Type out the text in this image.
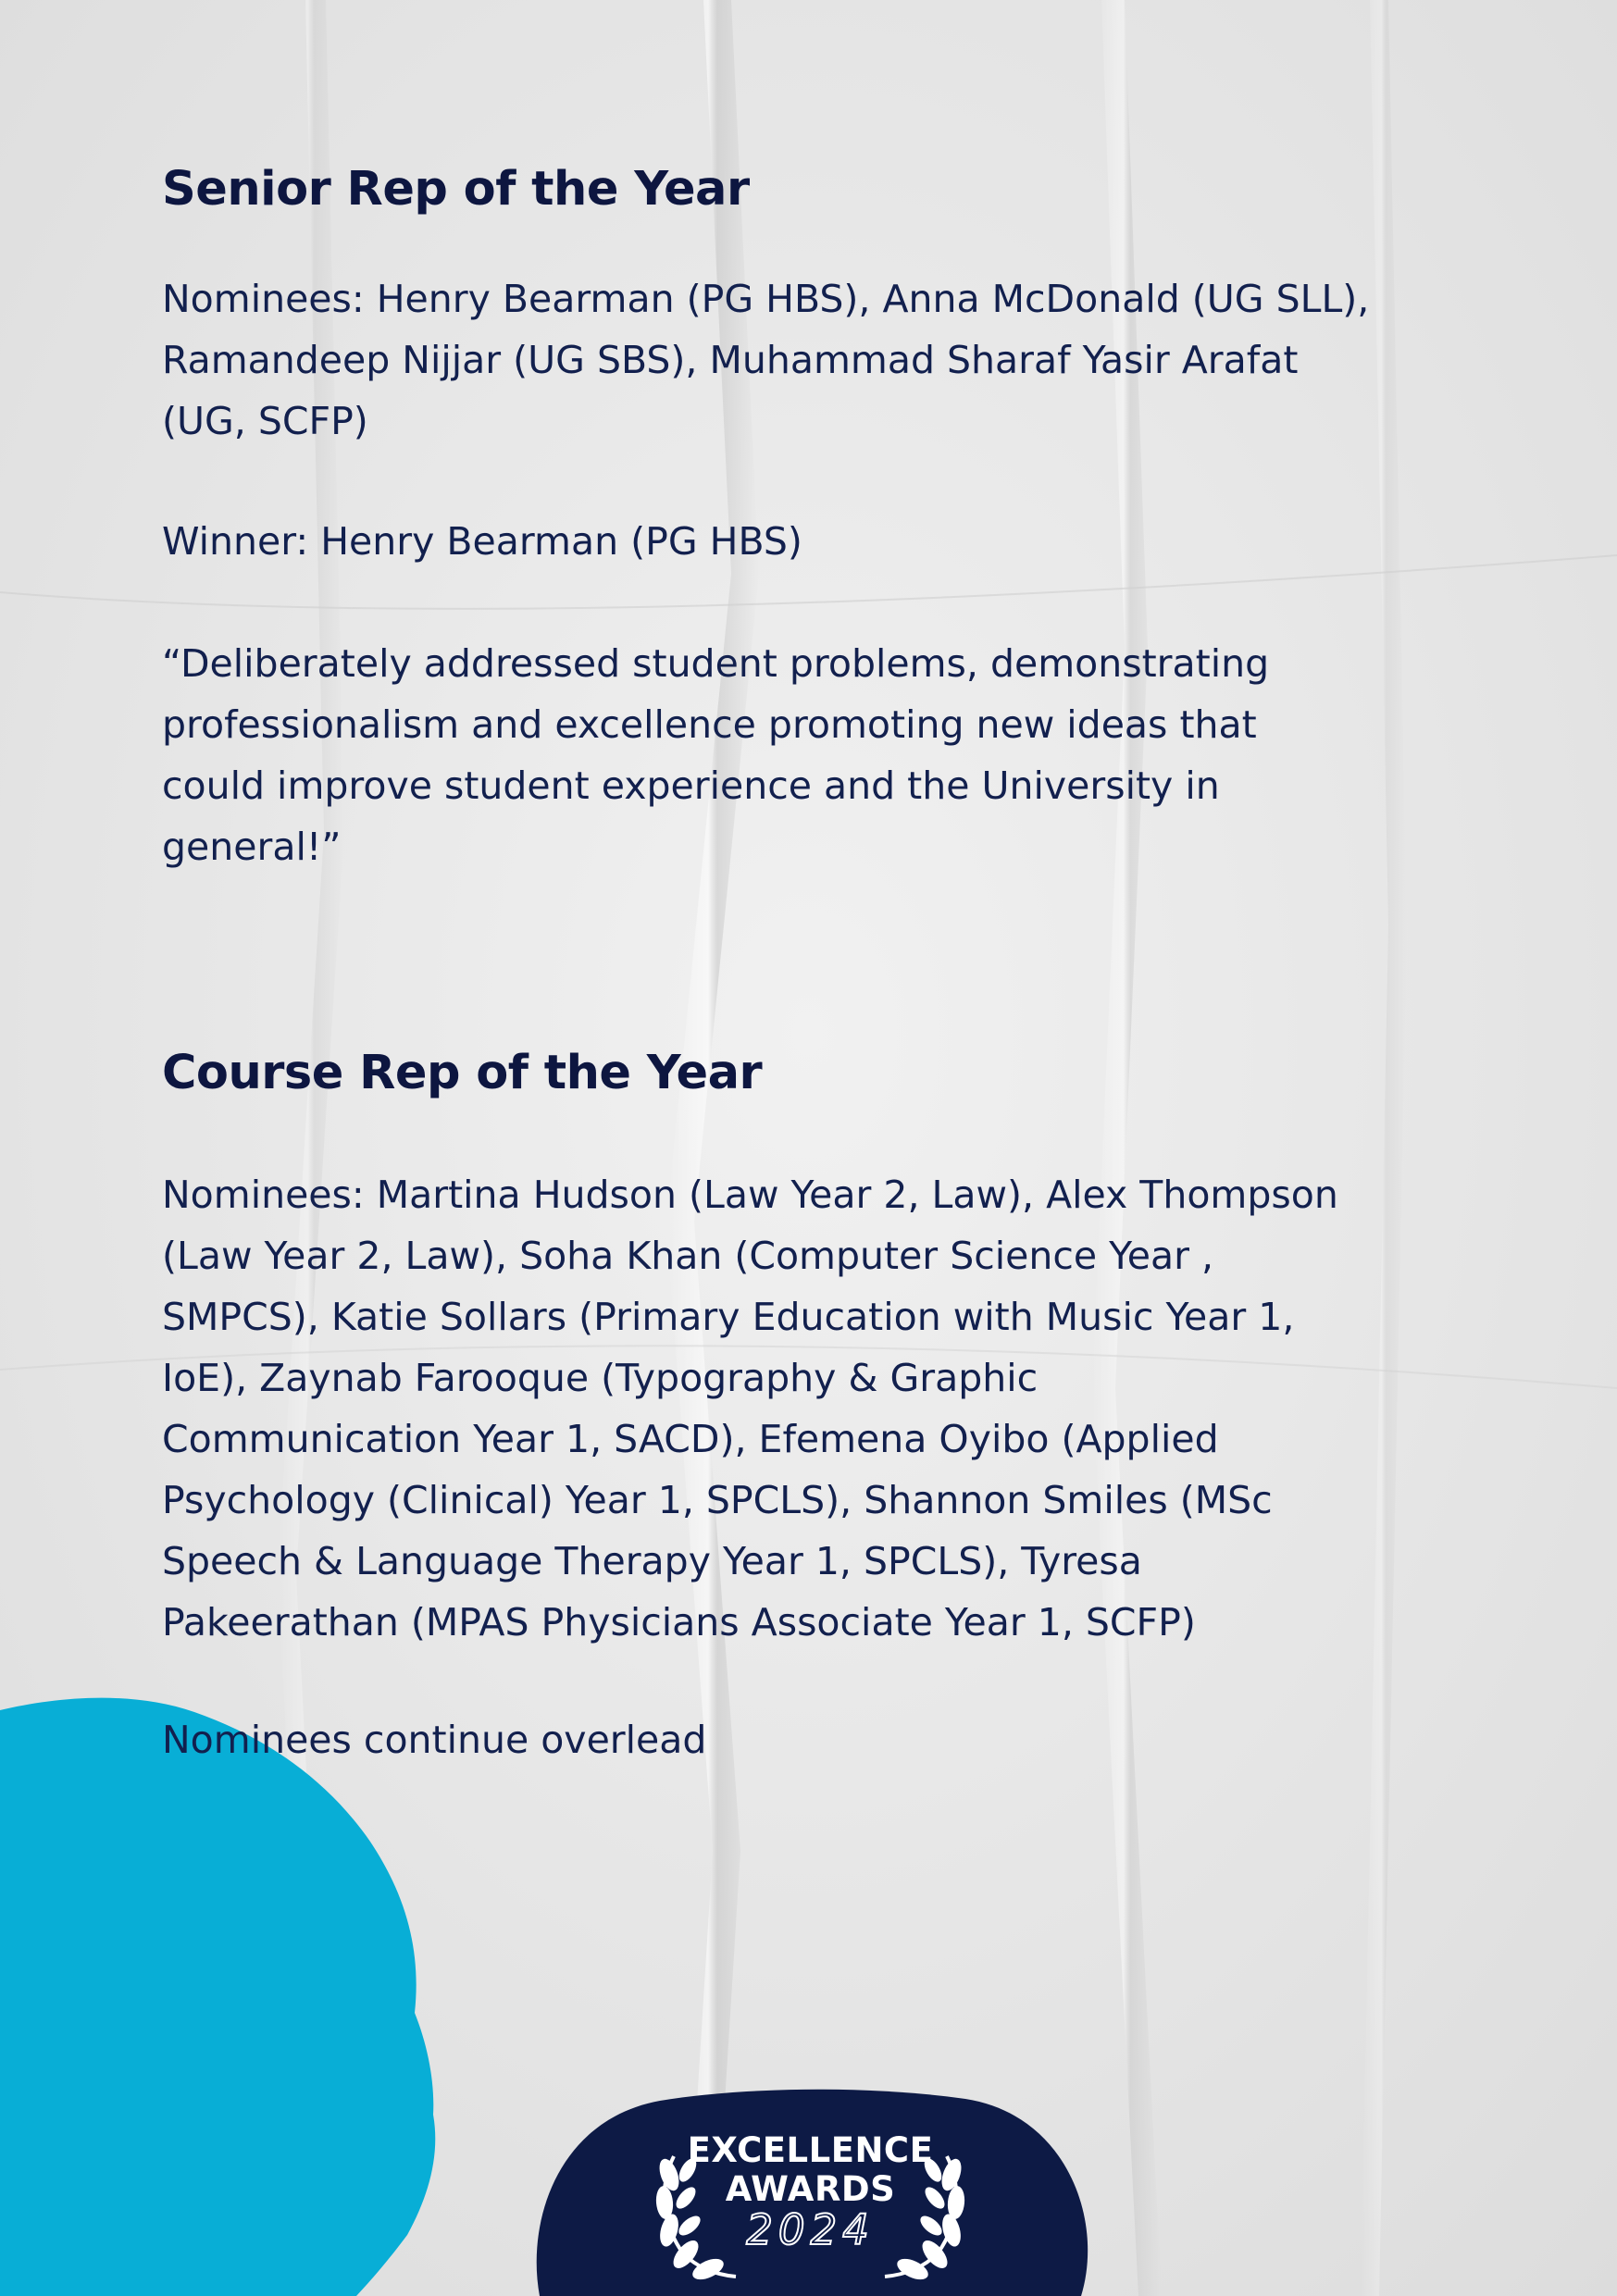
Senior Rep of the Year
Nominees: Henry Bearman (PG HBS), Anna McDonald (UG SLL),
Ramandeep Nijjar (UG SBS), Muhammad Sharaf Yasir Arafat
(UG, SCFP)
Winner: Henry Bearman (PG HBS)
“Deliberately addressed student problems, demonstrating
professionalism and excellence promoting new ideas that
could improve student experience and the University in
general!”
Course Rep of the Year
Nominees: Martina Hudson (Law Year 2, Law), Alex Thompson
(Law Year 2, Law), Soha Khan (Computer Science Year ,
SMPCS), Katie Sollars (Primary Education with Music Year 1,
IoE), Zaynab Farooque (Typography & Graphic
Communication Year 1, SACD), Efemena Oyibo (Applied
Psychology (Clinical) Year 1, SPCLS), Shannon Smiles (MSc
Speech & Language Therapy Year 1, SPCLS), Tyresa
Pakeerathan (MPAS Physicians Associate Year 1, SCFP)
Nominees continue overlead
EXCELLENCE
AWARDS
2024
